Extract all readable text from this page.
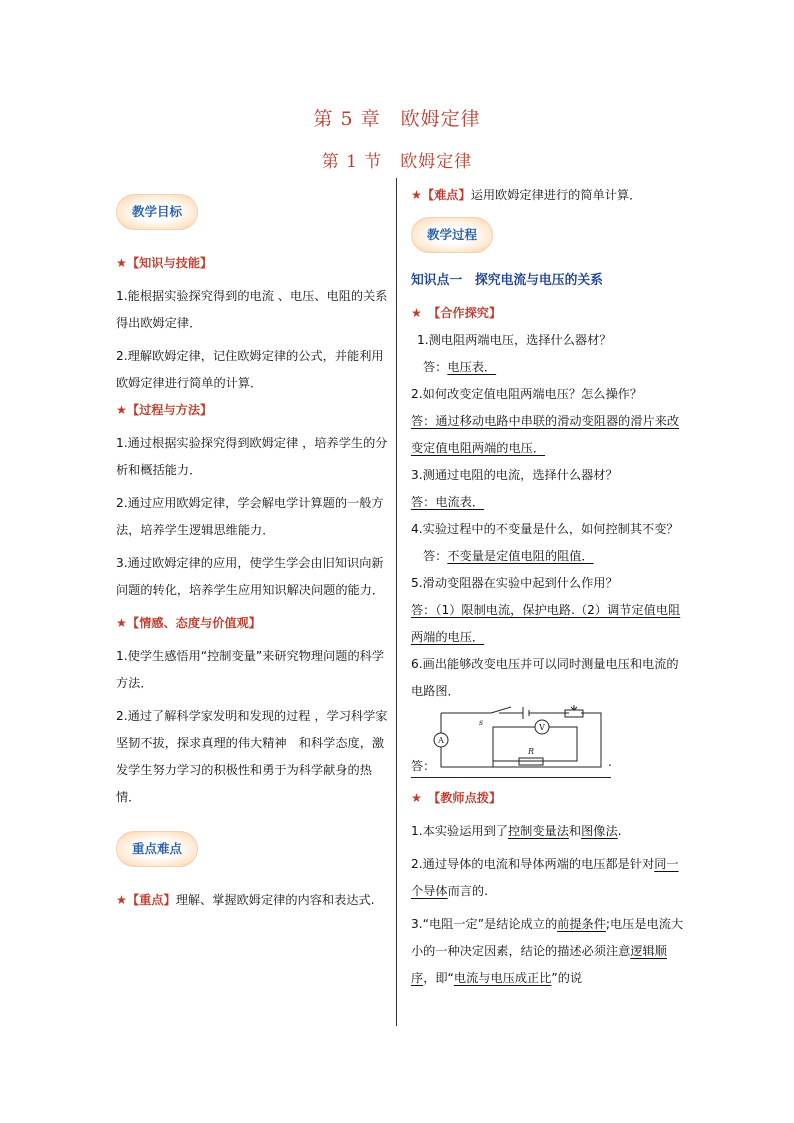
第 5 章　欧姆定律
第 1 节　欧姆定律
教学目标

★【知识与技能】

1.能根据实验探究得到的电流 、电压、电阻的关系得出欧姆定律．

2.理解欧姆定律，记住欧姆定律的公式，并能利用欧姆定律进行简单的计算．

★【过程与方法】

1.通过根据实验探究得到欧姆定律 ，培养学生的分析和概括能力．

2.通过应用欧姆定律，学会解电学计算题的一般方法，培养学生逻辑思维能力．

3.通过欧姆定律的应用，使学生学会由旧知识向新问题的转化，培养学生应用知识解决问题的能力．

★【情感、态度与价值观】

1.使学生感悟用“控制变量”来研究物理问题的科学方法．

2.通过了解科学家发明和发现的过程 ，学习科学家坚韧不拔，探求真理的伟大精神　和科学态度，激发学生努力学习的积极性和勇于为科学献身的热情．

重点难点

★【重点】理解、掌握欧姆定律的内容和表达式.

★【难点】运用欧姆定律进行的简单计算．

教学过程

知识点一　探究电流与电压的关系

★　【合作探究】

1.测电阻两端电压，选择什么器材？

答：电压表．

2.如何改变定值电阻两端电压？怎么操作？

答：通过移动电路中串联的滑动变阻器的滑片来改变定值电阻两端的电压．

3.测通过电阻的电流，选择什么器材？

答：电流表．

4.实验过程中的不变量是什么，如何控制其不变？

答：不变量是定值电阻的阻值．

5.滑动变阻器在实验中起到什么作用？

答：（1）限制电流，保护电路.（2）调节定值电阻两端的电压．

6.画出能够改变电压并可以同时测量电压和电流的电路图．

答：	.
s
A
V
R

★　【教师点拨】

1.本实验运用到了控制变量法和图像法.

2.通过导体的电流和导体两端的电压都是针对同一个导体而言的.

3.“电阻一定”是结论成立的前提条件;电压是电流大小的一种决定因素，结论的描述必须注意逻辑顺序，即“电流与电压成正比”的说
